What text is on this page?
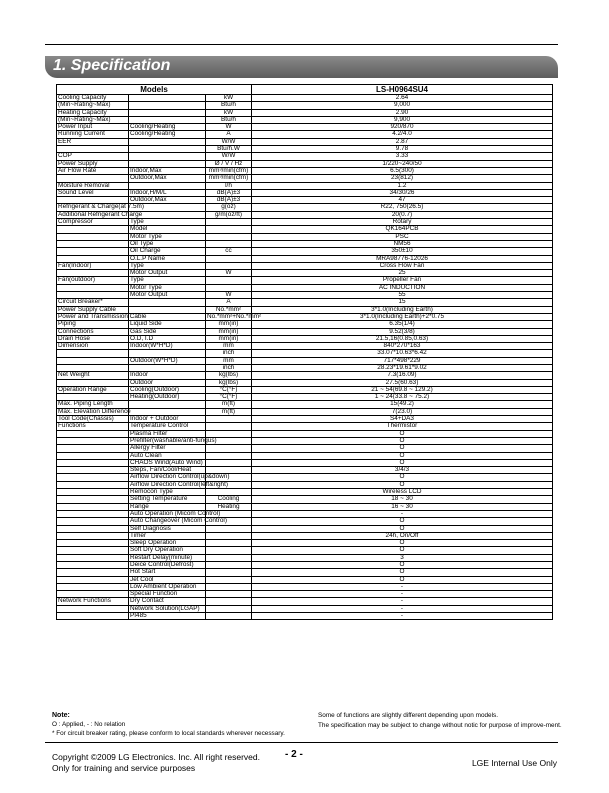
1. Specification
Models			LS-H0964SU4
Cooling Capacity		kW	2.64
(Min~Rating~Max)		Btu/h	9,000
Heating Capacity		kW	2.90
(Min~Rating~Max)		Btu/h	9,900
Power Input	Cooling/Heating	W	920/870
Running Current	Cooling/Heating	A	4.2/4.0
EER		W/W	2.87
		Btu/h.W	9.78
COP		W/W	3.33
Power Supply		Ø / V / Hz	1/220~240/50
Air Flow Rate	Indoor,Max	mm³/min(cfm)	6.5(300)
	Outdoor,Max	mm³/min(cfm)	23(812)
Moisture Removal		l/h	1.2
Sound Level	Indoor,H/M/L	dB(A)±3	34/30/26
	Outdoor,Max	dB(A)±3	47
Refrigerant & Charge(at 7.5m)		g(oz)	R22, 750(26.5)
Additional Refrigerant Charge		g/m(oz/ft)	20(0.7)
Compressor	Type		Rotary
	Model		QK164PCB
	Motor Type		PSC
	Oil Type		NM56
	Oil Charge	cc	350±10
	O.L.P Name		MRA98776-12026
Fan(Indoor)	Type		Cross Flow Fan
	Motor Output	W	25
Fan(outdoor)	Type		Propeller Fan
	Motor Type		AC INDUCTION
	Motor Output	W	55
Circuit Breaker*		A	15
Power Supply Cable		No.*mm²	3*1.0(Including Earth)
Power and Transmission Cable		No.*mm²+No.*mm²	3*1.0(Including Earth)+2*0.75
Piping	Liquid Side	mm(in)	6.35(1/4)
Connections	Gas Side	mm(in)	9.52(3/8)
Drain Hose	O.D, I.D	mm(in)	21.5,16(0.85,0.63)
Dimension	Indoor(W*H*D)	mm	840*270*163
		inch	33.07*10.63*6.42
	Outdoor(W*H*D)	mm	717*498*229
		inch	28.23*19.61*9.02
Net Weight	Indoor	kg(lbs)	7.3(16.09)
	Outdoor	kg(lbs)	27.5(60.63)
Operation Range	Cooling(Outdoor)	°C(°F)	21 ~ 54(69.8 ~ 129.2)
	Heating(Outdoor)	°C(°F)	1 ~ 24(33.8 ~ 75.2)
Max. Piping Length		m(ft)	15(49.2)
Max. Elevation Difference		m(ft)	7(23.0)
Tool Code(Chassis)	Indoor + Outdoor		S4+DA3
Functions	Temperature Control		Thermistor
	Plasma Filter		O
	Prefilter(washable/anti-fungus)		O
	Allergy Filter		O
	Auto Clean		O
	CHAOS Wind(Auto Wind)		O
	Steps, Fan/Cool/Heat		3/4/3
	Airflow Direction Control(up&down)		O
	Airflow Direction Control(left&right)		O
	Remocon Type		Wireless LCD
	Setting Temperature	Cooling	18 ~ 30
	Range	Heating	16 ~ 30
	Auto Operation (Micom Control)		-
	Auto Changeover (Micom Control)		O
	Self Diagnosis		O
	Timer		24h, On/Off
	Sleep Operation		O
	Soft Dry Operation		O
	Restart Delay(minute)		3
	Deice Control(Defrost)		O
	Hot Start		O
	Jet Cool		O
	Low Ambient Operation		-
	Special Function		-
Network Functions	Dry Contact		-
	Network Solution(LGAP)		-
	PI485		-
Note:
O : Applied, - : No relation
* For circuit breaker rating, please conform to local standards wherever necessary.
Some of functions are slightly different depending upon models.
The specification may be subject to change without notic for purpose of improve-ment.
Copyright ©2009 LG Electronics. Inc. All right reserved.
Only for training and service purposes
- 2 -
LGE Internal Use Only
